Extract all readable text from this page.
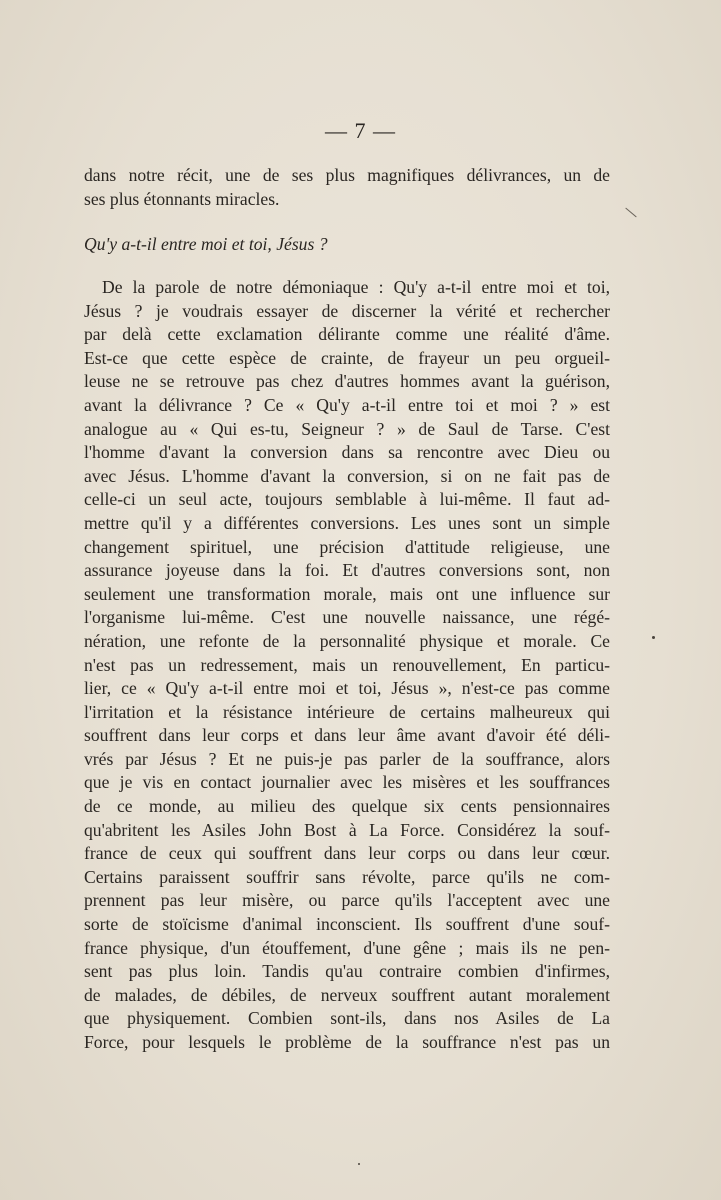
— 7 —
dans notre récit, une de ses plus magnifiques délivrances, un de
ses plus étonnants miracles.
Qu'y a-t-il entre moi et toi, Jésus ?
De la parole de notre démoniaque : Qu'y a-t-il entre moi et toi,
Jésus ? je voudrais essayer de discerner la vérité et rechercher
par delà cette exclamation délirante comme une réalité d'âme.
Est-ce que cette espèce de crainte, de frayeur un peu orgueil-
leuse ne se retrouve pas chez d'autres hommes avant la guérison,
avant la délivrance ? Ce « Qu'y a-t-il entre toi et moi ? » est
analogue au « Qui es-tu, Seigneur ? » de Saul de Tarse. C'est
l'homme d'avant la conversion dans sa rencontre avec Dieu ou
avec Jésus. L'homme d'avant la conversion, si on ne fait pas de
celle-ci un seul acte, toujours semblable à lui-même. Il faut ad-
mettre qu'il y a différentes conversions. Les unes sont un simple
changement spirituel, une précision d'attitude religieuse, une
assurance joyeuse dans la foi. Et d'autres conversions sont, non
seulement une transformation morale, mais ont une influence sur
l'organisme lui-même. C'est une nouvelle naissance, une régé-
nération, une refonte de la personnalité physique et morale. Ce
n'est pas un redressement, mais un renouvellement, En particu-
lier, ce « Qu'y a-t-il entre moi et toi, Jésus », n'est-ce pas comme
l'irritation et la résistance intérieure de certains malheureux qui
souffrent dans leur corps et dans leur âme avant d'avoir été déli-
vrés par Jésus ? Et ne puis-je pas parler de la souffrance, alors
que je vis en contact journalier avec les misères et les souffrances
de ce monde, au milieu des quelque six cents pensionnaires
qu'abritent les Asiles John Bost à La Force. Considérez la souf-
france de ceux qui souffrent dans leur corps ou dans leur cœur.
Certains paraissent souffrir sans révolte, parce qu'ils ne com-
prennent pas leur misère, ou parce qu'ils l'acceptent avec une
sorte de stoïcisme d'animal inconscient. Ils souffrent d'une souf-
france physique, d'un étouffement, d'une gêne ; mais ils ne pen-
sent pas plus loin. Tandis qu'au contraire combien d'infirmes,
de malades, de débiles, de nerveux souffrent autant moralement
que physiquement. Combien sont-ils, dans nos Asiles de La
Force, pour lesquels le problème de la souffrance n'est pas un
